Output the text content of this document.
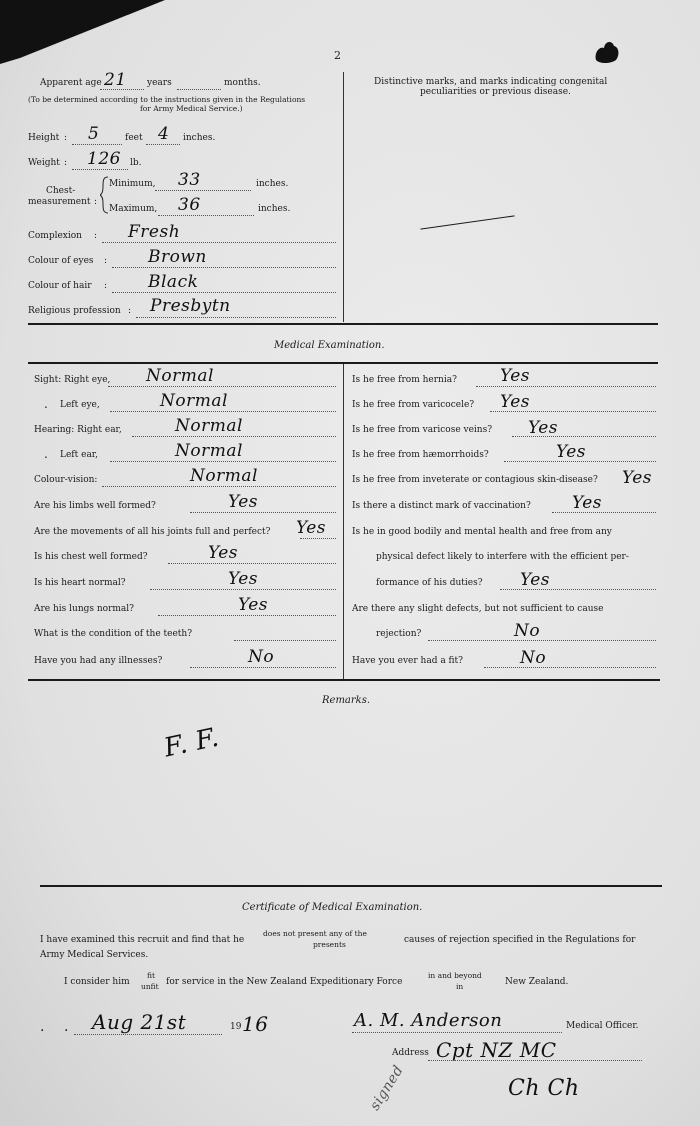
2
Apparent age 21 years	months.
(To be determined according to the instructions given in the Regulations
for Army Medical Service.)
Distinctive marks, and marks indicating congenital
peculiarities or previous disease.
Height : 5	feet 4 inches.
Weight : 126 lb.
Chest-
measurement :
Minimum, 33	inches.
Maximum, 36	inches.
Complexion : Fresh
Colour of eyes : Brown
Colour of hair : Black
Religious profession : Presbytn
Medical Examination.
Sight: Right eye, Normal
. Left eye,	Normal
Hearing: Right ear,	Normal
. Left ear,	Normal
Colour-vision:	Normal
Are his limbs well formed?	Yes
Are the movements of all his joints full and perfect? Yes
Is his chest well formed?	Yes
Is his heart normal?	Yes
Are his lungs normal?	Yes
What is the condition of the teeth?
Have you had any illnesses?	No
Is he free from hernia?	Yes
Is he free from varicocele? Yes
Is he free from varicose veins? Yes
Is he free from hæmorrhoids?	Yes
Is he free from inveterate or contagious skin-disease? Yes
Is there a distinct mark of vaccination? Yes
Is he in good bodily and mental health and free from any
physical defect likely to interfere with the efficient per-
formance of his duties? Yes
Are there any slight defects, but not sufficient to cause
rejection?	No
Have you ever had a fit?	No
Remarks.
F. F.
Certificate of Medical Examination.
I have examined this recruit and find that he
does not present any of the
presents	causes of rejection specified in the Regulations for
Army Medical Services.
I consider him
fit
unfit for service in the New Zealand Expeditionary Force
in and beyond
in	New Zealand.
. . Aug 21st	19 16	A. M. Anderson	Medical Officer.
Address Cpt NZ MC
Ch Ch
signed
